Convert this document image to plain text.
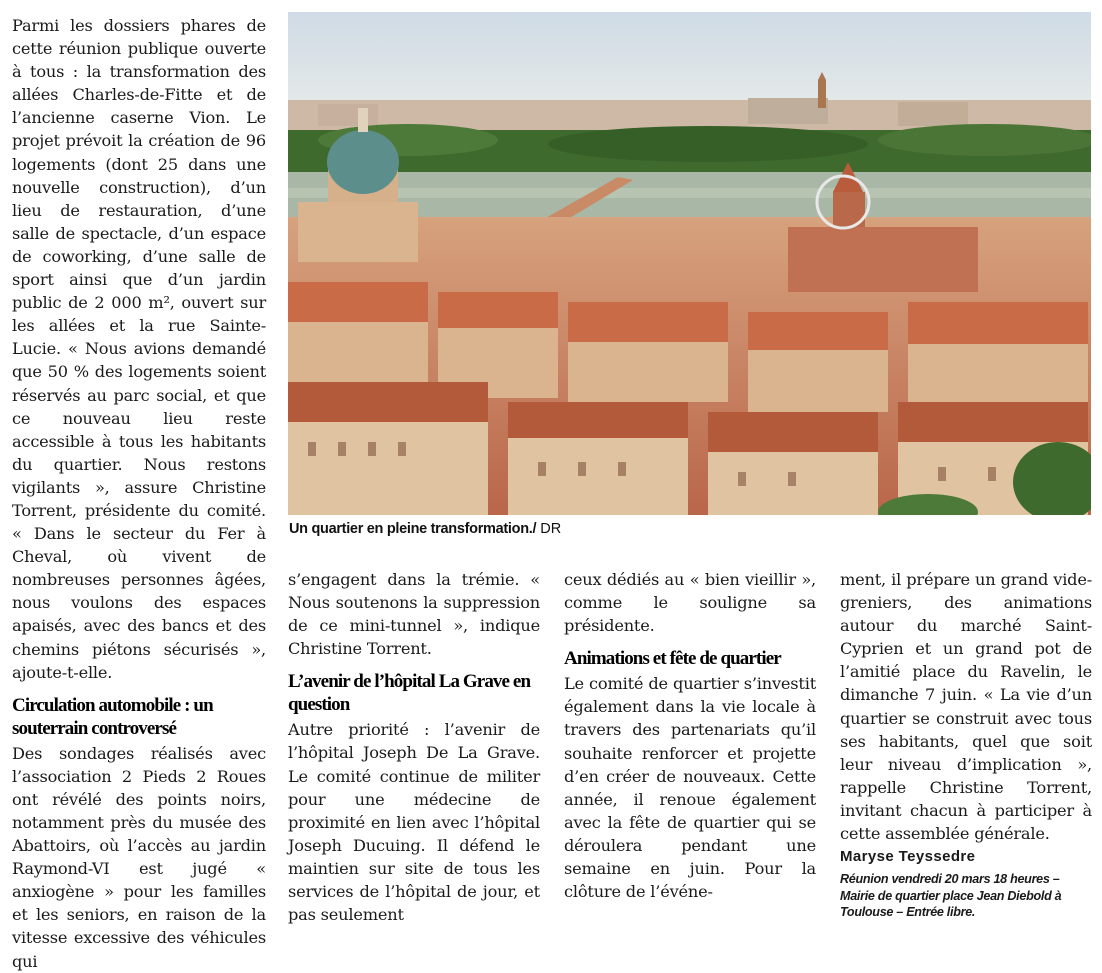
Parmi les dossiers phares de cette réunion publique ouverte à tous : la transformation des allées Charles-de-Fitte et de l’ancienne caserne Vion. Le projet prévoit la création de 96 logements (dont 25 dans une nouvelle construction), d’un lieu de restauration, d’une salle de spectacle, d’un espace de coworking, d’une salle de sport ainsi que d’un jardin public de 2 000 m², ouvert sur les allées et la rue Sainte-Lucie. « Nous avions demandé que 50 % des logements soient réservés au parc social, et que ce nouveau lieu reste accessible à tous les habitants du quartier. Nous restons vigilants », assure Christine Torrent, présidente du comité. « Dans le secteur du Fer à Cheval, où vivent de nombreuses personnes âgées, nous voulons des espaces apaisés, avec des bancs et des chemins piétons sécurisés », ajoute-t-elle.

Circulation automobile : un souterrain controversé

Des sondages réalisés avec l’association 2 Pieds 2 Roues ont révélé des points noirs, notamment près du musée des Abattoirs, où l’accès au jardin Raymond-VI est jugé « anxiogène » pour les familles et les seniors, en raison de la vitesse excessive des véhicules qui

Un quartier en pleine transformation./ DR

s’engagent dans la trémie. « Nous soutenons la suppression de ce mini-tunnel », indique Christine Torrent.

L’avenir de l’hôpital La Grave en question

Autre priorité : l’avenir de l’hôpital Joseph De La Grave. Le comité continue de militer pour une médecine de proximité en lien avec l’hôpital Joseph Ducuing. Il défend le maintien sur site de tous les services de l’hôpital de jour, et pas seulement

ceux dédiés au « bien vieillir », comme le souligne sa présidente.

Animations et fête de quartier

Le comité de quartier s’investit également dans la vie locale à travers des partenariats qu’il souhaite renforcer et projette d’en créer de nouveaux. Cette année, il renoue également avec la fête de quartier qui se déroulera pendant une semaine en juin. Pour la clôture de l’événe-

ment, il prépare un grand vide-greniers, des animations autour du marché Saint-Cyprien et un grand pot de l’amitié place du Ravelin, le dimanche 7 juin. « La vie d’un quartier se construit avec tous ses habitants, quel que soit leur niveau d’implication », rappelle Christine Torrent, invitant chacun à participer à cette assemblée générale.

Maryse Teyssedre
Réunion vendredi 20 mars 18 heures – Mairie de quartier place Jean Diebold à Toulouse – Entrée libre.
